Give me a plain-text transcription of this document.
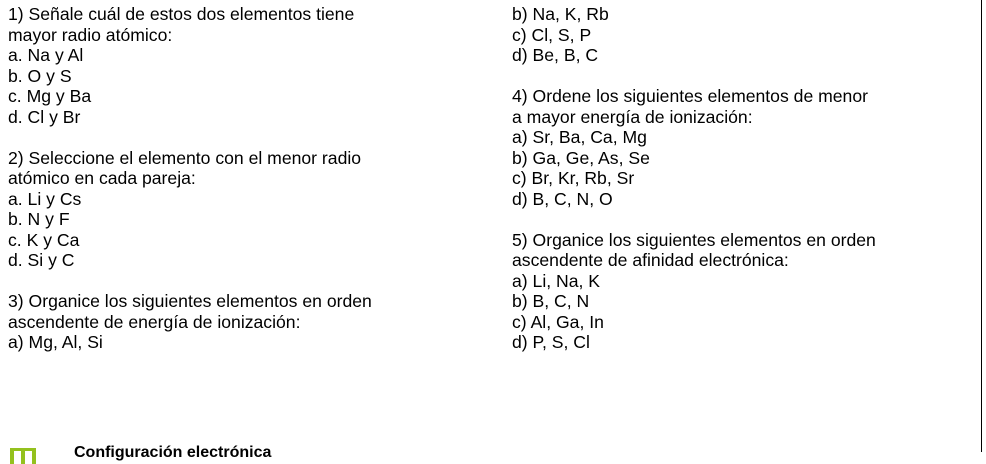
1) Señale cuál de estos dos elementos tiene
mayor radio atómico:
a. Na y Al
b. O y S
c. Mg y Ba
d. Cl y Br
2) Seleccione el elemento con el menor radio
atómico en cada pareja:
a. Li y Cs
b. N y F
c. K y Ca
d. Si y C
3) Organice los siguientes elementos en orden
ascendente de energía de ionización:
a) Mg, Al, Si
b) Na, K, Rb
c) Cl, S, P
d) Be, B, C
4) Ordene los siguientes elementos de menor
a mayor energía de ionización:
a) Sr, Ba, Ca, Mg
b) Ga, Ge, As, Se
c) Br, Kr, Rb, Sr
d) B, C, N, O
5) Organice los siguientes elementos en orden
ascendente de afinidad electrónica:
a) Li, Na, K
b) B, C, N
c) Al, Ga, In
d) P, S, Cl
Configuración electrónica
